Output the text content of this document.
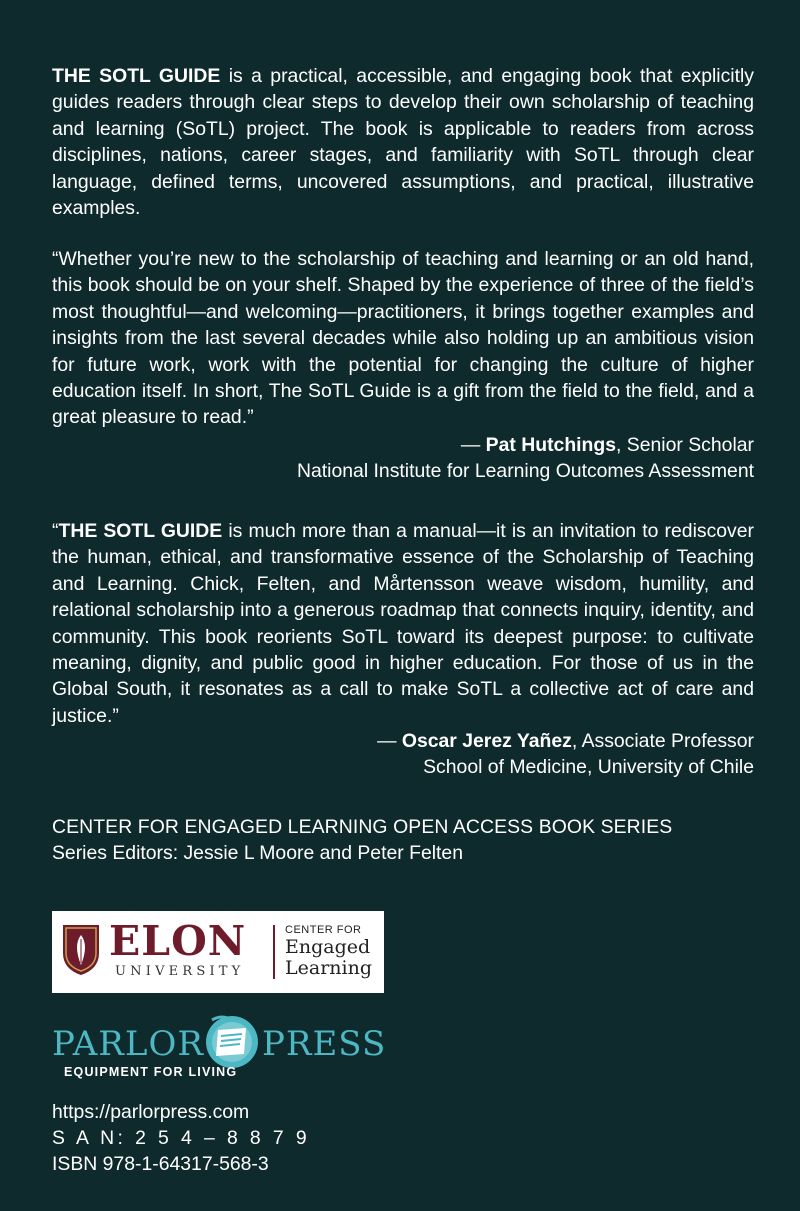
THE SOTL GUIDE is a practical, accessible, and engaging book that explicitly guides readers through clear steps to develop their own scholarship of teaching and learning (SoTL) project. The book is applicable to readers from across disciplines, nations, career stages, and familiarity with SoTL through clear language, defined terms, uncovered assumptions, and practical, illustrative examples.
“Whether you’re new to the scholarship of teaching and learning or an old hand, this book should be on your shelf. Shaped by the experience of three of the field’s most thoughtful—and welcoming—practitioners, it brings together examples and insights from the last several decades while also holding up an ambitious vision for future work, work with the potential for changing the culture of higher education itself. In short, The SoTL Guide is a gift from the field to the field, and a great pleasure to read.”
— Pat Hutchings, Senior Scholar
National Institute for Learning Outcomes Assessment
“THE SOTL GUIDE is much more than a manual—it is an invitation to rediscover the human, ethical, and transformative essence of the Scholarship of Teaching and Learning. Chick, Felten, and Mårtensson weave wisdom, humility, and relational scholarship into a generous roadmap that connects inquiry, identity, and community. This book reorients SoTL toward its deepest purpose: to cultivate meaning, dignity, and public good in higher education. For those of us in the Global South, it resonates as a call to make SoTL a collective act of care and justice.”
— Oscar Jerez Yañez, Associate Professor
School of Medicine, University of Chile
CENTER FOR ENGAGED LEARNING OPEN ACCESS BOOK SERIES
Series Editors: Jessie L Moore and Peter Felten
ELON
UNIVERSITY
CENTER FOR
Engaged
Learning
PARLOR PRESS
EQUIPMENT FOR LIVING
https://parlorpress.com
S A N: 2 5 4 – 8 8 7 9
ISBN 978-1-64317-568-3
